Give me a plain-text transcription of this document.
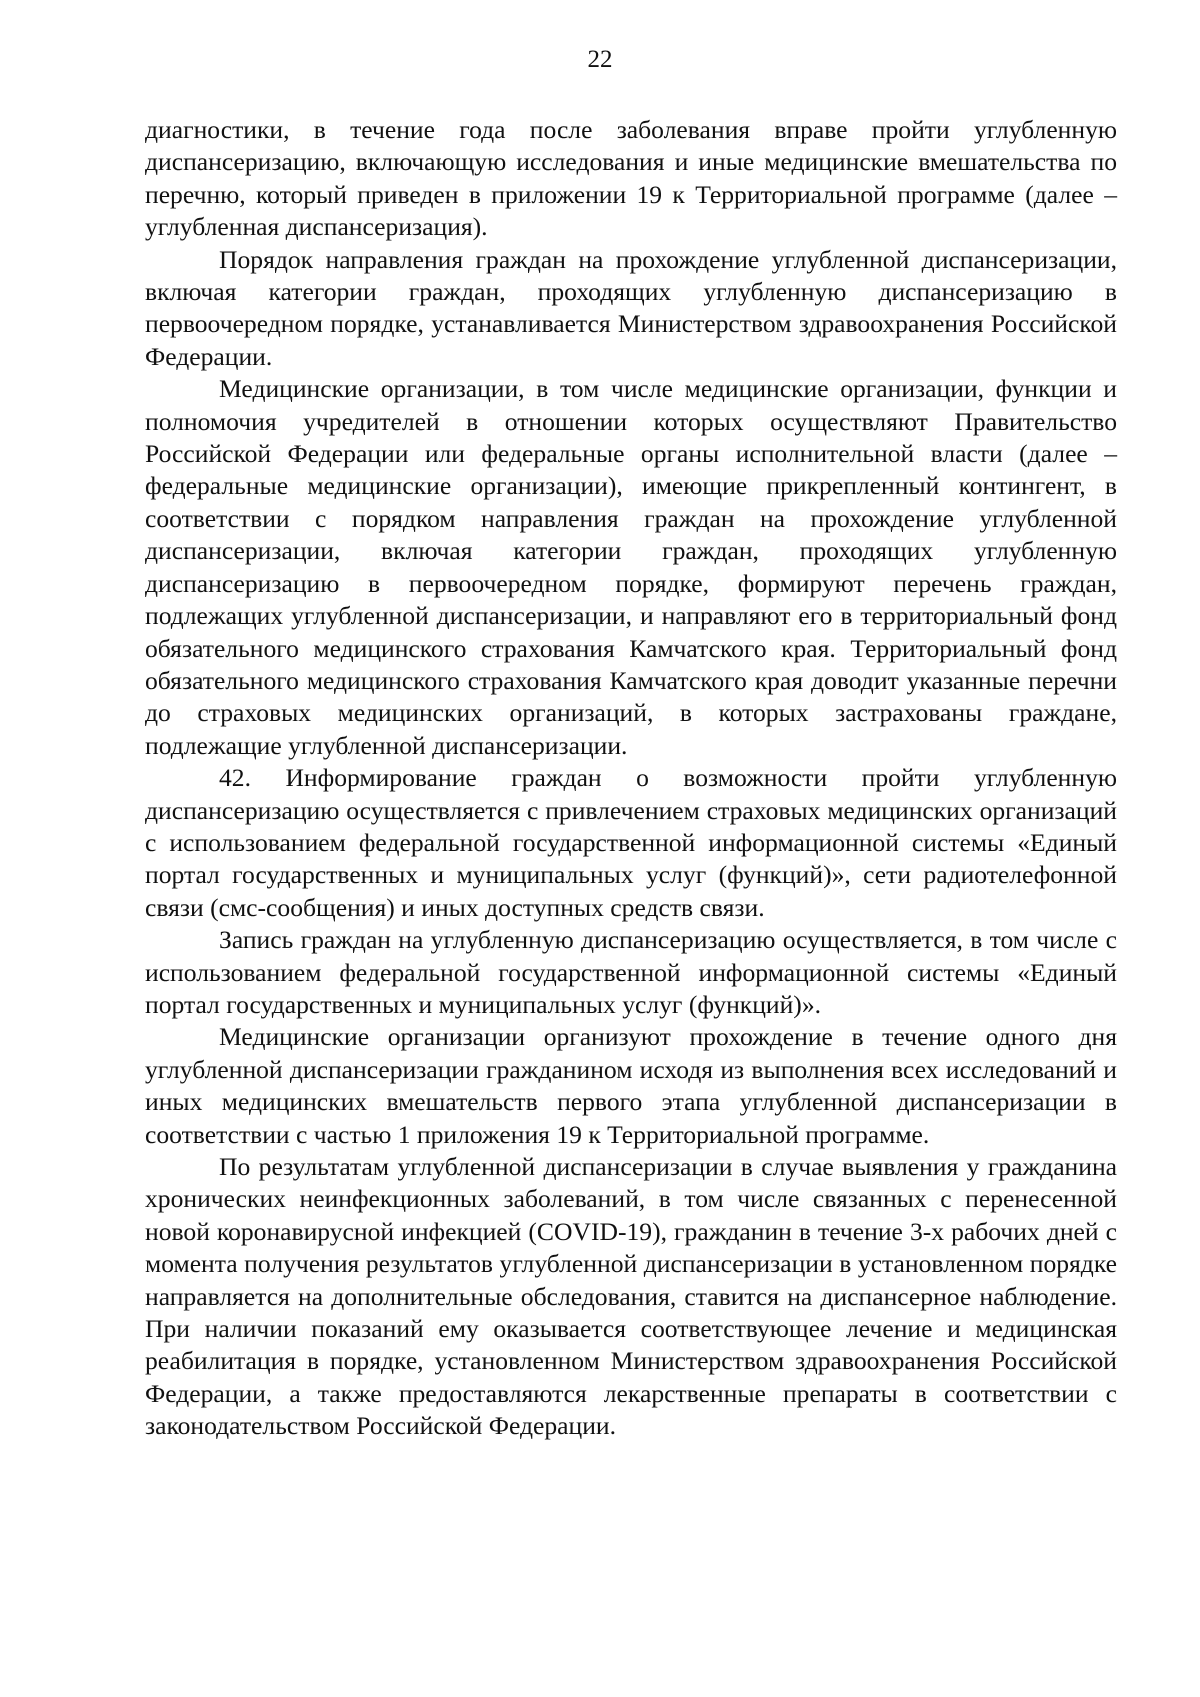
22

диагностики, в течение года после заболевания вправе пройти углубленную диспансеризацию, включающую исследования и иные медицинские вмешательства по перечню, который приведен в приложении 19 к Территориальной программе (далее – углубленная диспансеризация).

Порядок направления граждан на прохождение углубленной диспансеризации, включая категории граждан, проходящих углубленную диспансеризацию в первоочередном порядке, устанавливается Министерством здравоохранения Российской Федерации.

Медицинские организации, в том числе медицинские организации, функции и полномочия учредителей в отношении которых осуществляют Правительство Российской Федерации или федеральные органы исполнительной власти (далее – федеральные медицинские организации), имеющие прикрепленный контингент, в соответствии с порядком направления граждан на прохождение углубленной диспансеризации, включая категории граждан, проходящих углубленную диспансеризацию в первоочередном порядке, формируют перечень граждан, подлежащих углубленной диспансеризации, и направляют его в территориальный фонд обязательного медицинского страхования Камчатского края. Территориальный фонд обязательного медицинского страхования Камчатского края доводит указанные перечни до страховых медицинских организаций, в которых застрахованы граждане, подлежащие углубленной диспансеризации.

42. Информирование граждан о возможности пройти углубленную диспансеризацию осуществляется с привлечением страховых медицинских организаций с использованием федеральной государственной информационной системы «Единый портал государственных и муниципальных услуг (функций)», сети радиотелефонной связи (смс-сообщения) и иных доступных средств связи.

Запись граждан на углубленную диспансеризацию осуществляется, в том числе с использованием федеральной государственной информационной системы «Единый портал государственных и муниципальных услуг (функций)».

Медицинские организации организуют прохождение в течение одного дня углубленной диспансеризации гражданином исходя из выполнения всех исследований и иных медицинских вмешательств первого этапа углубленной диспансеризации в соответствии с частью 1 приложения 19 к Территориальной программе.

По результатам углубленной диспансеризации в случае выявления у гражданина хронических неинфекционных заболеваний, в том числе связанных с перенесенной новой коронавирусной инфекцией (COVID-19), гражданин в течение 3-х рабочих дней с момента получения результатов углубленной диспансеризации в установленном порядке направляется на дополнительные обследования, ставится на диспансерное наблюдение. При наличии показаний ему оказывается соответствующее лечение и медицинская реабилитация в порядке, установленном Министерством здравоохранения Российской Федерации, а также предоставляются лекарственные препараты в соответствии с законодательством Российской Федерации.
